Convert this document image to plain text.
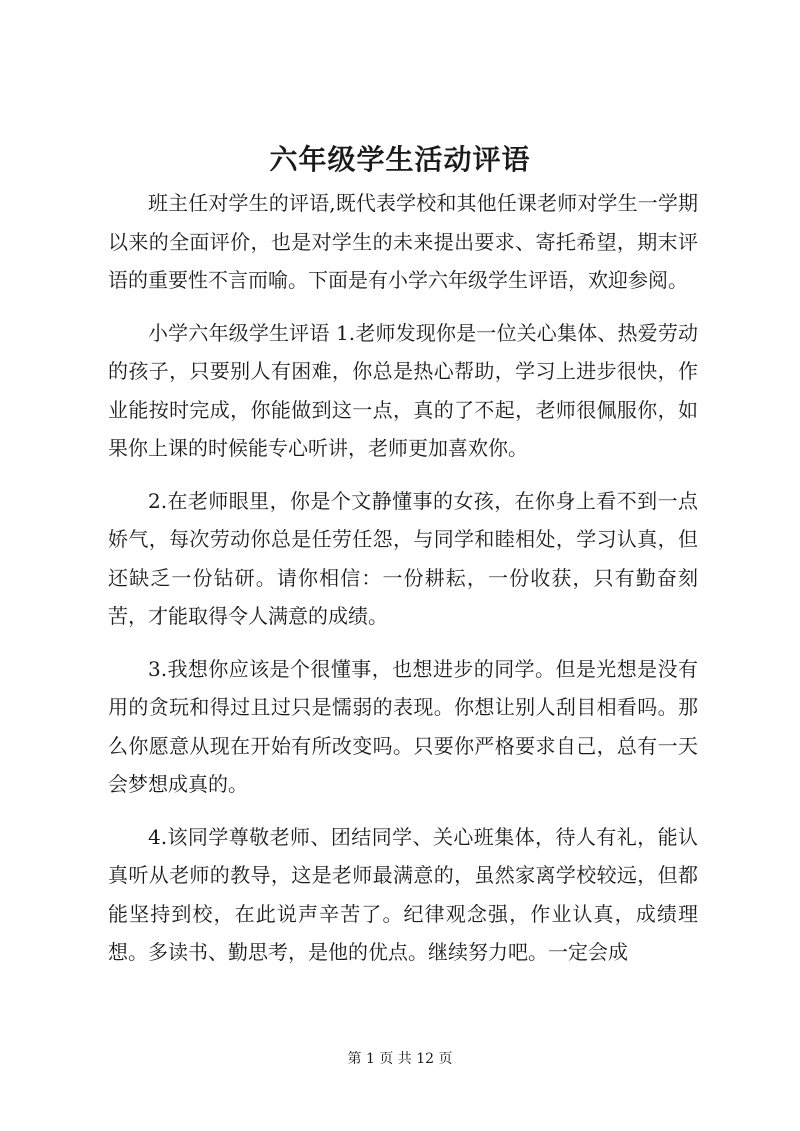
六年级学生活动评语

班主任对学生的评语,既代表学校和其他任课老师对学生一学期以来的全面评价，也是对学生的未来提出要求、寄托希望，期末评语的重要性不言而喻。下面是有小学六年级学生评语，欢迎参阅。

小学六年级学生评语 1.老师发现你是一位关心集体、热爱劳动的孩子，只要别人有困难，你总是热心帮助，学习上进步很快，作业能按时完成，你能做到这一点，真的了不起，老师很佩服你，如果你上课的时候能专心听讲，老师更加喜欢你。

2.在老师眼里，你是个文静懂事的女孩，在你身上看不到一点娇气，每次劳动你总是任劳任怨，与同学和睦相处，学习认真，但还缺乏一份钻研。请你相信：一份耕耘，一份收获，只有勤奋刻苦，才能取得令人满意的成绩。

3.我想你应该是个很懂事，也想进步的同学。但是光想是没有用的贪玩和得过且过只是懦弱的表现。你想让别人刮目相看吗。那么你愿意从现在开始有所改变吗。只要你严格要求自己，总有一天会梦想成真的。

4.该同学尊敬老师、团结同学、关心班集体，待人有礼，能认真听从老师的教导，这是老师最满意的，虽然家离学校较远，但都能坚持到校，在此说声辛苦了。纪律观念强，作业认真，成绩理想。多读书、勤思考，是他的优点。继续努力吧。一定会成

第 1 页 共 12 页
